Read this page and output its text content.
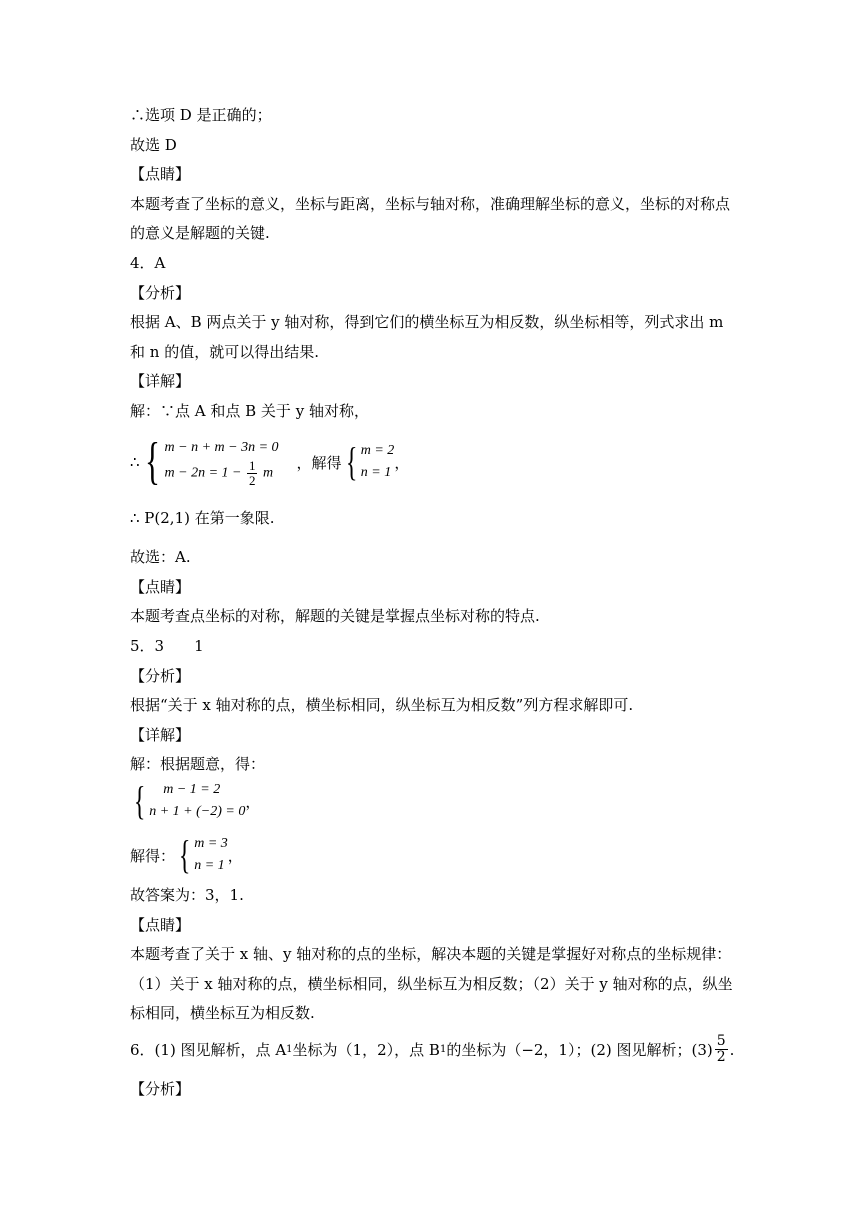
∴选项 D 是正确的；
故选 D
【点睛】
本题考查了坐标的意义，坐标与距离，坐标与轴对称，准确理解坐标的意义，坐标的对称点
的意义是解题的关键.
4．A
【分析】
根据 A、B 两点关于 y 轴对称，得到它们的横坐标互为相反数，纵坐标相等，列式求出 m
和 n 的值，就可以得出结果.
【详解】
解：∵点 A 和点 B 关于 y 轴对称，
∴ { m − n + m − 3n = 0
$m - 2n = 1 - \frac{1}{2}$ m
，解得 { m = 2
n = 1
，
∴ P(2,1) 在第一象限.
故选：A.
【点睛】
本题考查点坐标的对称，解题的关键是掌握点坐标对称的特点.
5．3　　1
【分析】
根据“关于 x 轴对称的点，横坐标相同，纵坐标互为相反数”列方程求解即可.
【详解】
解：根据题意，得：
{	m − 1 = 2
n + 1 + (−2) = 0
，
解得： { m = 3
n = 1
，
故答案为：3，1.
【点睛】
本题考查了关于 x 轴、y 轴对称的点的坐标，解决本题的关键是掌握好对称点的坐标规律：
（1）关于 x 轴对称的点，横坐标相同，纵坐标互为相反数；（2）关于 y 轴对称的点，纵坐
标相同，横坐标互为相反数.
6．(1) 图见解析，点 A 1 坐标为（1，2），点 B 1 的坐标为（−2，1）；(2) 图见解析；$(3) \frac{5}{2}$ .
【分析】
